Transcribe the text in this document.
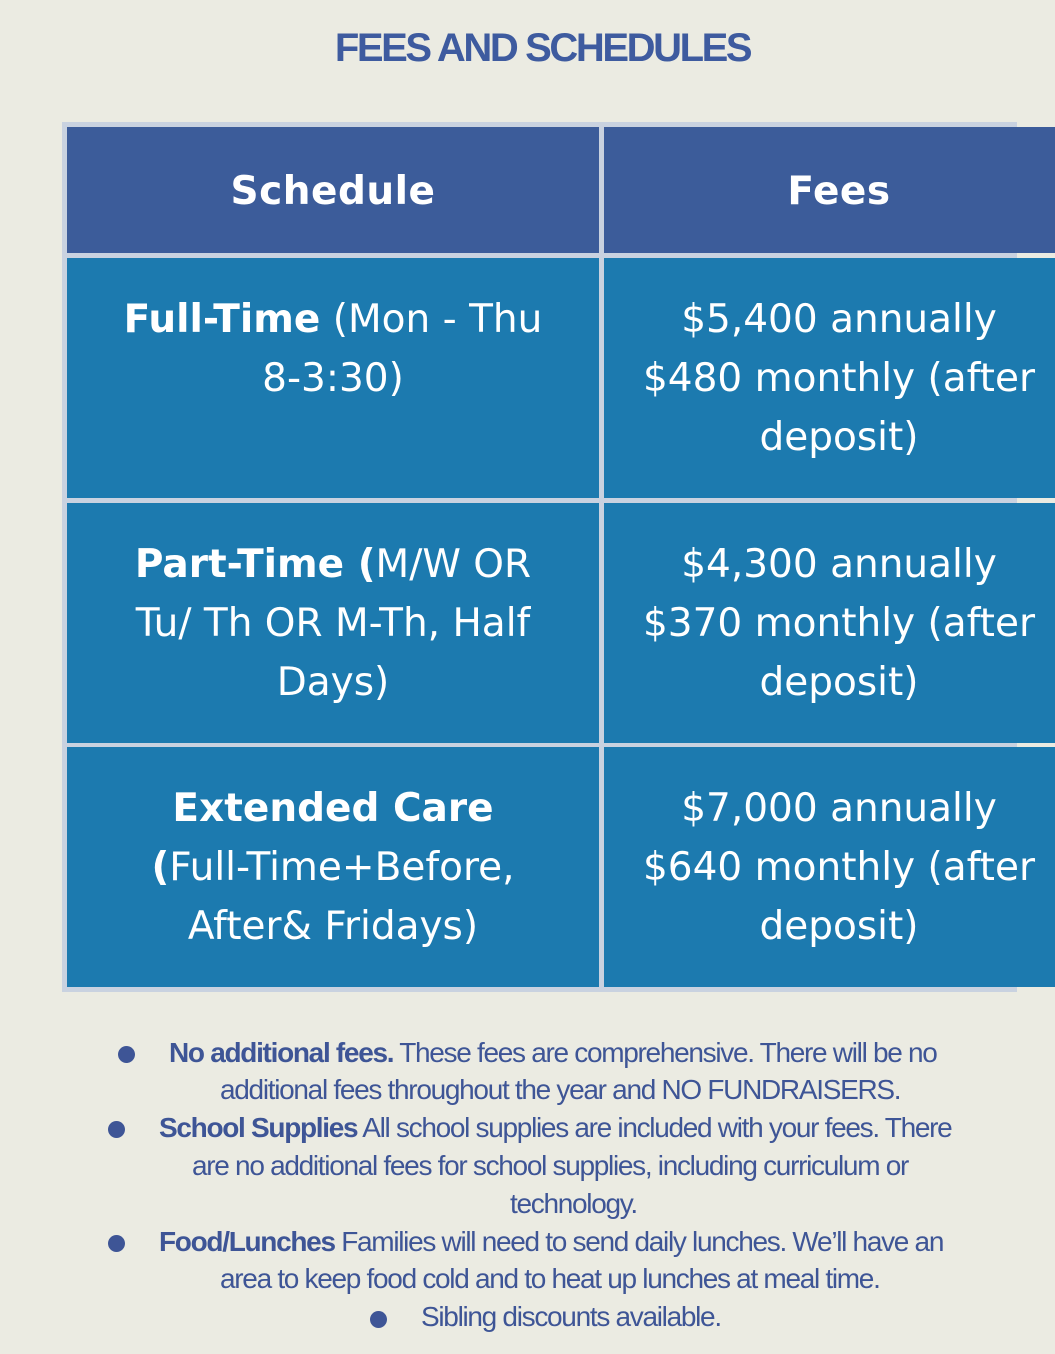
FEES AND SCHEDULES
Schedule	Fees
Full-Time (Mon - Thu
8-3:30)
$5,400 annually
$480 monthly (after
deposit)
Part-Time (M/W OR
Tu/ Th OR M-Th, Half
Days)
$4,300 annually
$370 monthly (after
deposit)
Extended Care
(Full-Time+Before,
After& Fridays)
$7,000 annually
$640 monthly (after
deposit)
No additional fees. These fees are comprehensive. There will be no
additional fees throughout the year and NO FUNDRAISERS.
School Supplies All school supplies are included with your fees. There
are no additional fees for school supplies, including curriculum or
technology.
Food/Lunches Families will need to send daily lunches. We’ll have an
area to keep food cold and to heat up lunches at meal time.
Sibling discounts available.
